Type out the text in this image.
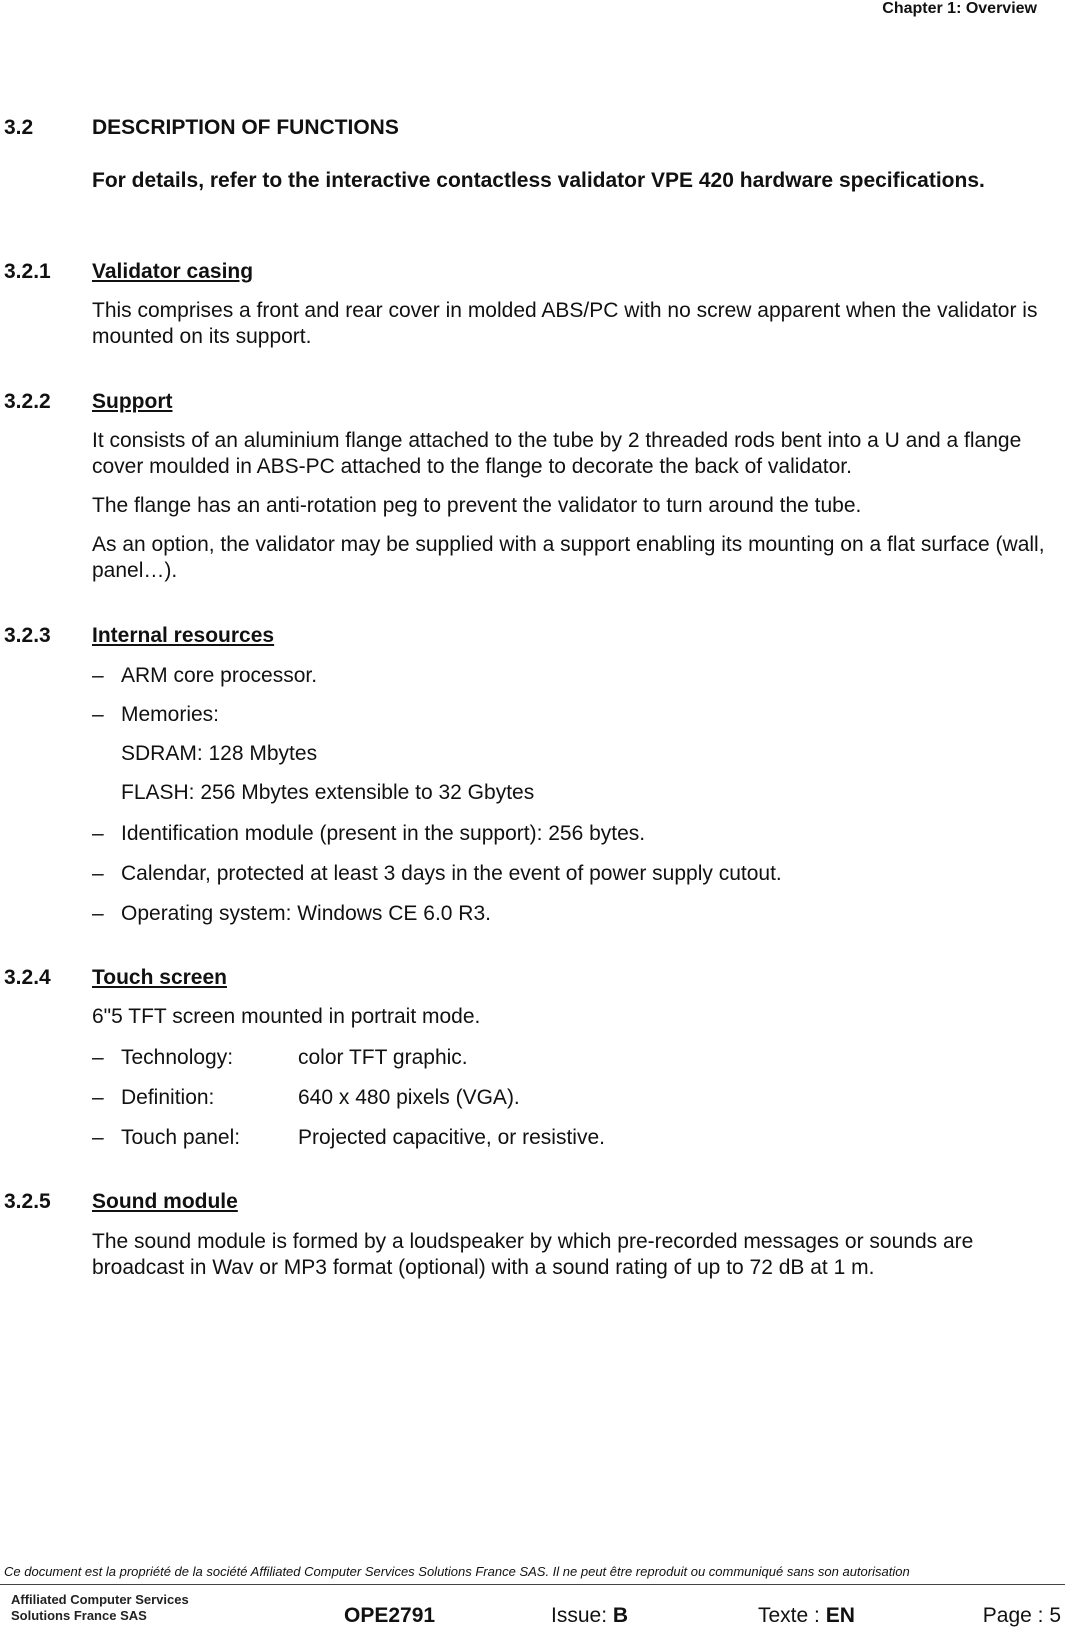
Chapter 1: Overview
3.2	DESCRIPTION OF FUNCTIONS
For details, refer to the interactive contactless validator VPE 420 hardware specifications.
3.2.1 Validator casing
This comprises a front and rear cover in molded ABS/PC with no screw apparent when the validator is mounted on its support.
3.2.2 Support
It consists of an aluminium flange attached to the tube by 2 threaded rods bent into a U and a flange cover moulded in ABS-PC attached to the flange to decorate the back of validator.
The flange has an anti-rotation peg to prevent the validator to turn around the tube.
As an option, the validator may be supplied with a support enabling its mounting on a flat surface (wall, panel…).
3.2.3 Internal resources
– ARM core processor.
– Memories:
SDRAM: 128 Mbytes
FLASH: 256 Mbytes extensible to 32 Gbytes
– Identification module (present in the support): 256 bytes.
– Calendar, protected at least 3 days in the event of power supply cutout.
– Operating system: Windows CE 6.0 R3.
3.2.4 Touch screen
6"5 TFT screen mounted in portrait mode.
– Technology:	color TFT graphic.
– Definition:	640 x 480 pixels (VGA).
– Touch panel:	Projected capacitive, or resistive.
3.2.5 Sound module
The sound module is formed by a loudspeaker by which pre-recorded messages or sounds are broadcast in Wav or MP3 format (optional) with a sound rating of up to 72 dB at 1 m.
Ce document est la propriété de la société Affiliated Computer Services Solutions France SAS. Il ne peut être reproduit ou communiqué sans son autorisation
Affiliated Computer Services
Solutions France SAS	OPE2791	Issue: B	Texte : EN	Page : 5
